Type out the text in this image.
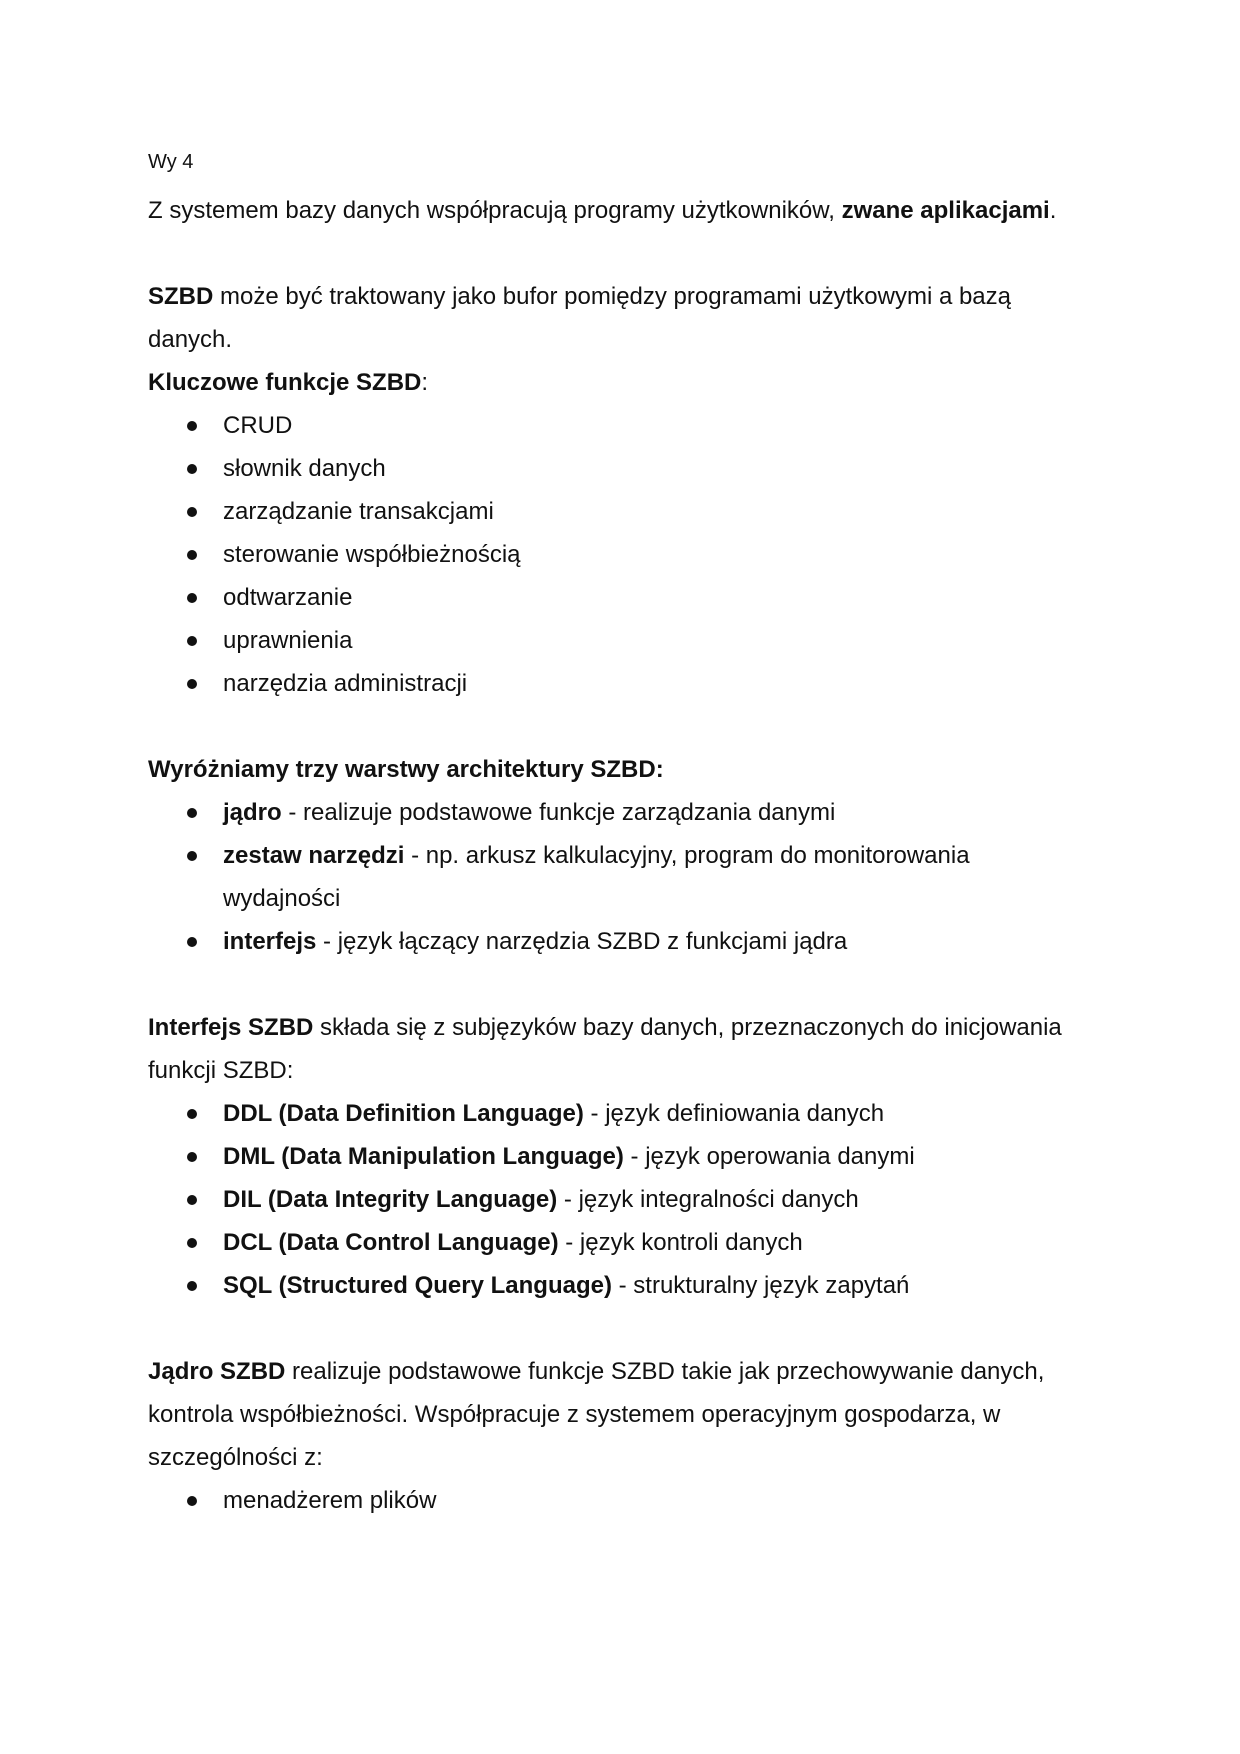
Wy 4

Z systemem bazy danych współpracują programy użytkowników, zwane aplikacjami.

SZBD może być traktowany jako bufor pomiędzy programami użytkowymi a bazą danych.

Kluczowe funkcje SZBD:

CRUD
słownik danych
zarządzanie transakcjami
sterowanie współbieżnością
odtwarzanie
uprawnienia
narzędzia administracji

Wyróżniamy trzy warstwy architektury SZBD:

jądro - realizuje podstawowe funkcje zarządzania danymi
zestaw narzędzi - np. arkusz kalkulacyjny, program do monitorowania wydajności
interfejs - język łączący narzędzia SZBD z funkcjami jądra

Interfejs SZBD składa się z subjęzyków bazy danych, przeznaczonych do inicjowania funkcji SZBD:

DDL (Data Definition Language) - język definiowania danych
DML (Data Manipulation Language) - język operowania danymi
DIL (Data Integrity Language) - język integralności danych
DCL (Data Control Language) - język kontroli danych
SQL (Structured Query Language) - strukturalny język zapytań

Jądro SZBD realizuje podstawowe funkcje SZBD takie jak przechowywanie danych, kontrola współbieżności. Współpracuje z systemem operacyjnym gospodarza, w szczególności z:

menadżerem plików
